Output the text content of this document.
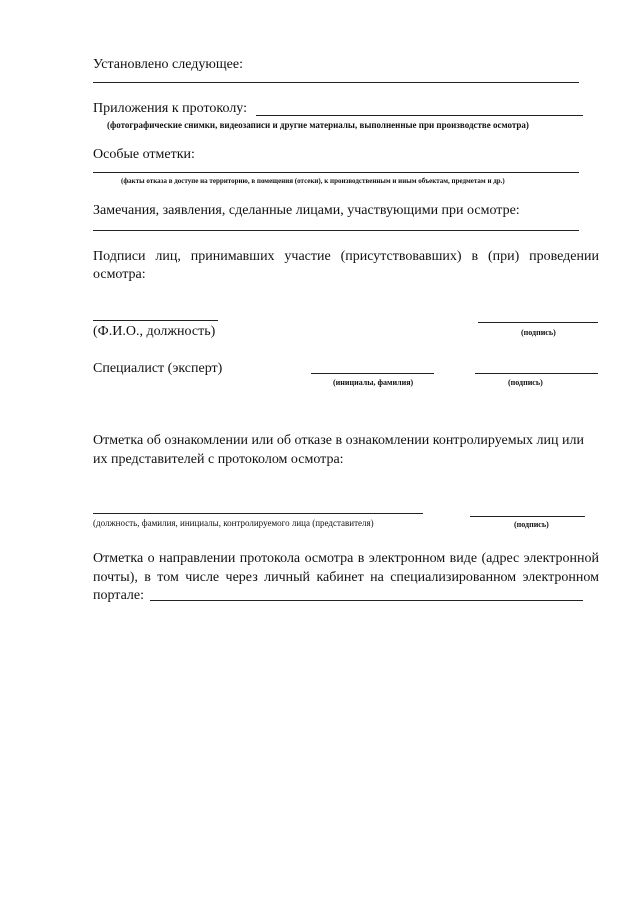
Установлено следующее:
Приложения к протоколу:
(фотографические снимки, видеозаписи и другие материалы, выполненные при производстве осмотра)
Особые отметки:
(факты отказа в доступе на территорию, в помещения (отсеки), к производственным и иным объектам, предметам и др.)
Замечания, заявления, сделанные лицами, участвующими при осмотре:
Подписи лиц, принимавших участие (присутствовавших) в (при) проведении
осмотра:
(Ф.И.О., должность)	(подпись)
Специалист (эксперт)
(инициалы, фамилия)	(подпись)
Отметка об ознакомлении или об отказе в ознакомлении контролируемых лиц или
их представителей с протоколом осмотра:
(должность, фамилия, инициалы, контролируемого лица (представителя)	(подпись)
Отметка о направлении протокола осмотра в электронном виде (адрес электронной
почты), в том числе через личный кабинет на специализированном электронном
портале:
